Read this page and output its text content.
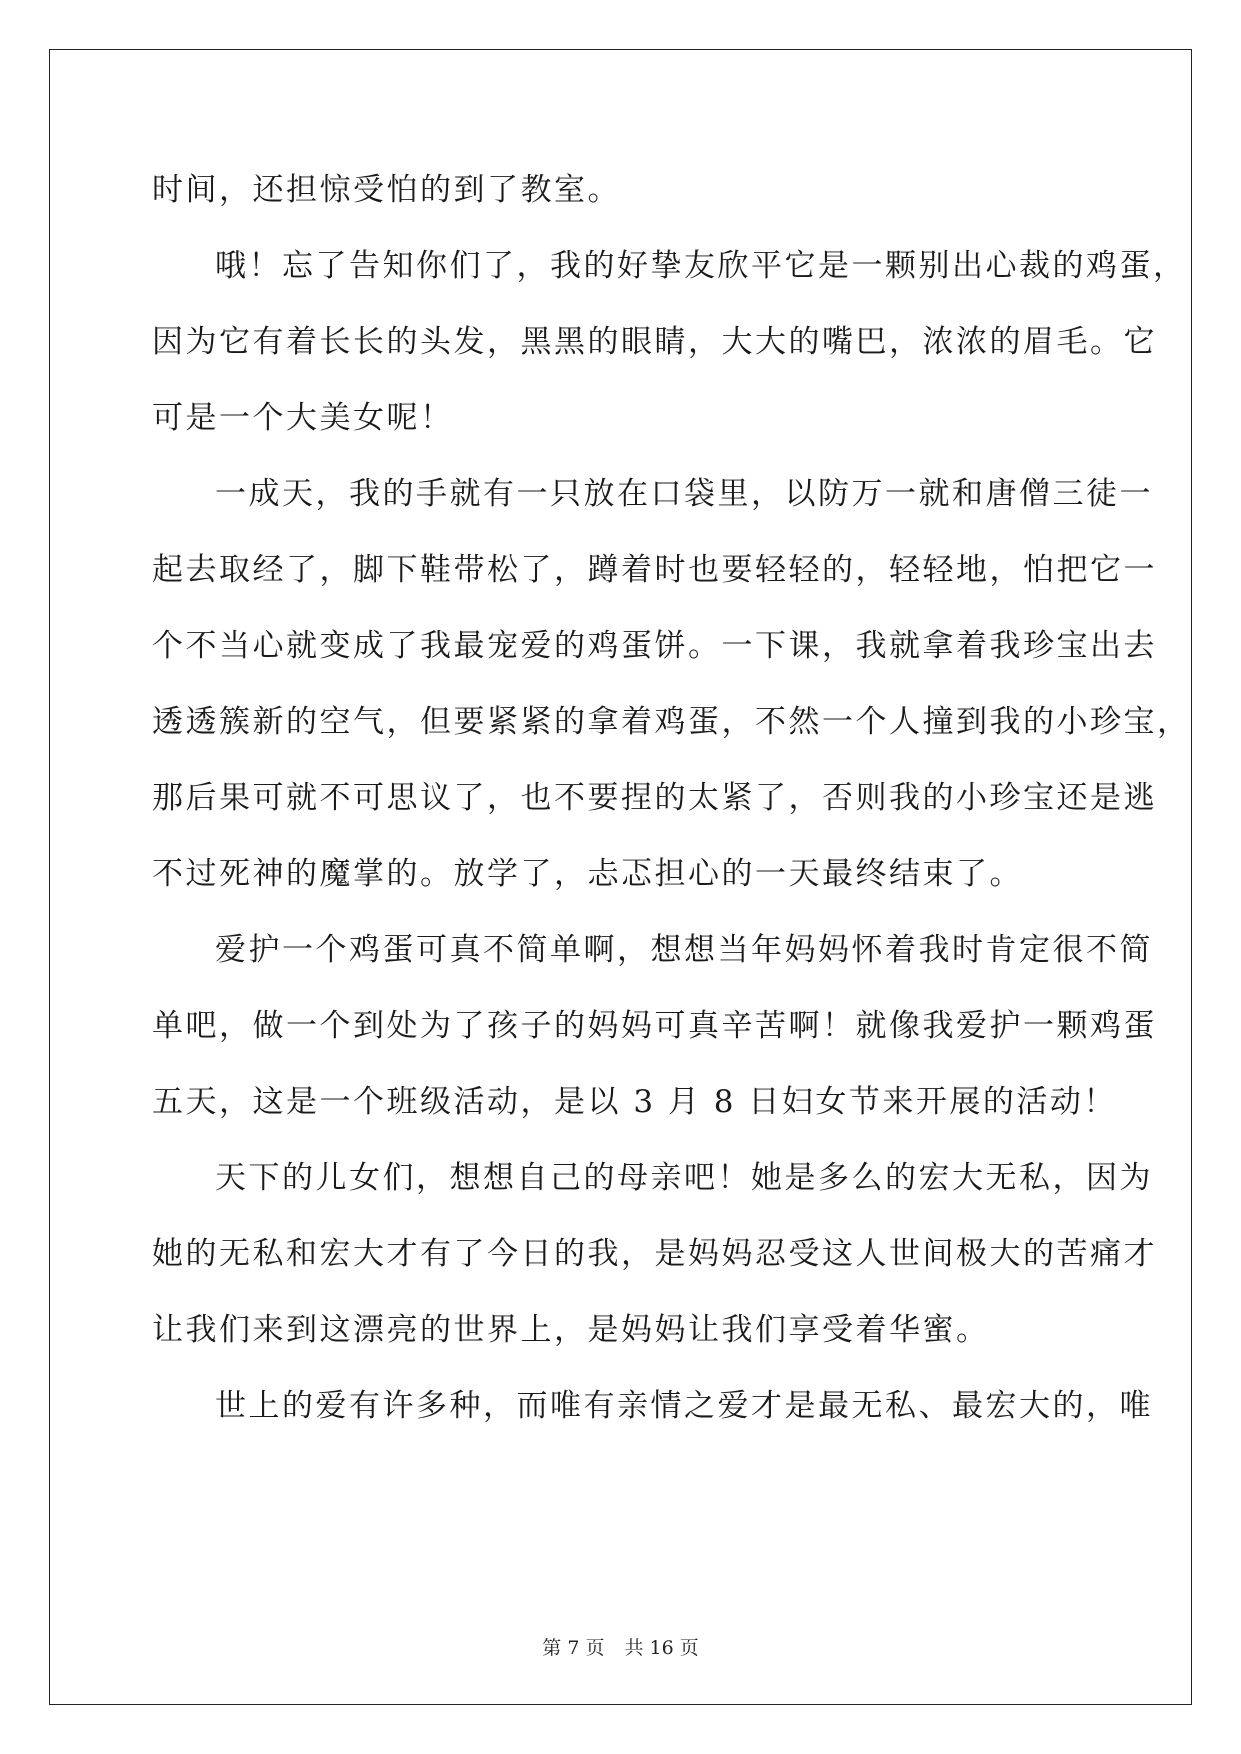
时间，还担惊受怕的到了教室。
哦！忘了告知你们了，我的好挚友欣平它是一颗别出心裁的鸡蛋，
因为它有着长长的头发，黑黑的眼睛，大大的嘴巴，浓浓的眉毛。它
可是一个大美女呢！
一成天，我的手就有一只放在口袋里，以防万一就和唐僧三徒一
起去取经了，脚下鞋带松了，蹲着时也要轻轻的，轻轻地，怕把它一
个不当心就变成了我最宠爱的鸡蛋饼。一下课，我就拿着我珍宝出去
透透簇新的空气，但要紧紧的拿着鸡蛋，不然一个人撞到我的小珍宝，
那后果可就不可思议了，也不要捏的太紧了，否则我的小珍宝还是逃
不过死神的魔掌的。放学了，忐忑担心的一天最终结束了。
爱护一个鸡蛋可真不简单啊，想想当年妈妈怀着我时肯定很不简
单吧，做一个到处为了孩子的妈妈可真辛苦啊！就像我爱护一颗鸡蛋
五天，这是一个班级活动，是以 3 月 8 日妇女节来开展的活动！
天下的儿女们，想想自己的母亲吧！她是多么的宏大无私，因为
她的无私和宏大才有了今日的我，是妈妈忍受这人世间极大的苦痛才
让我们来到这漂亮的世界上，是妈妈让我们享受着华蜜。
世上的爱有许多种，而唯有亲情之爱才是最无私、最宏大的，唯
第 7 页 共 16 页
